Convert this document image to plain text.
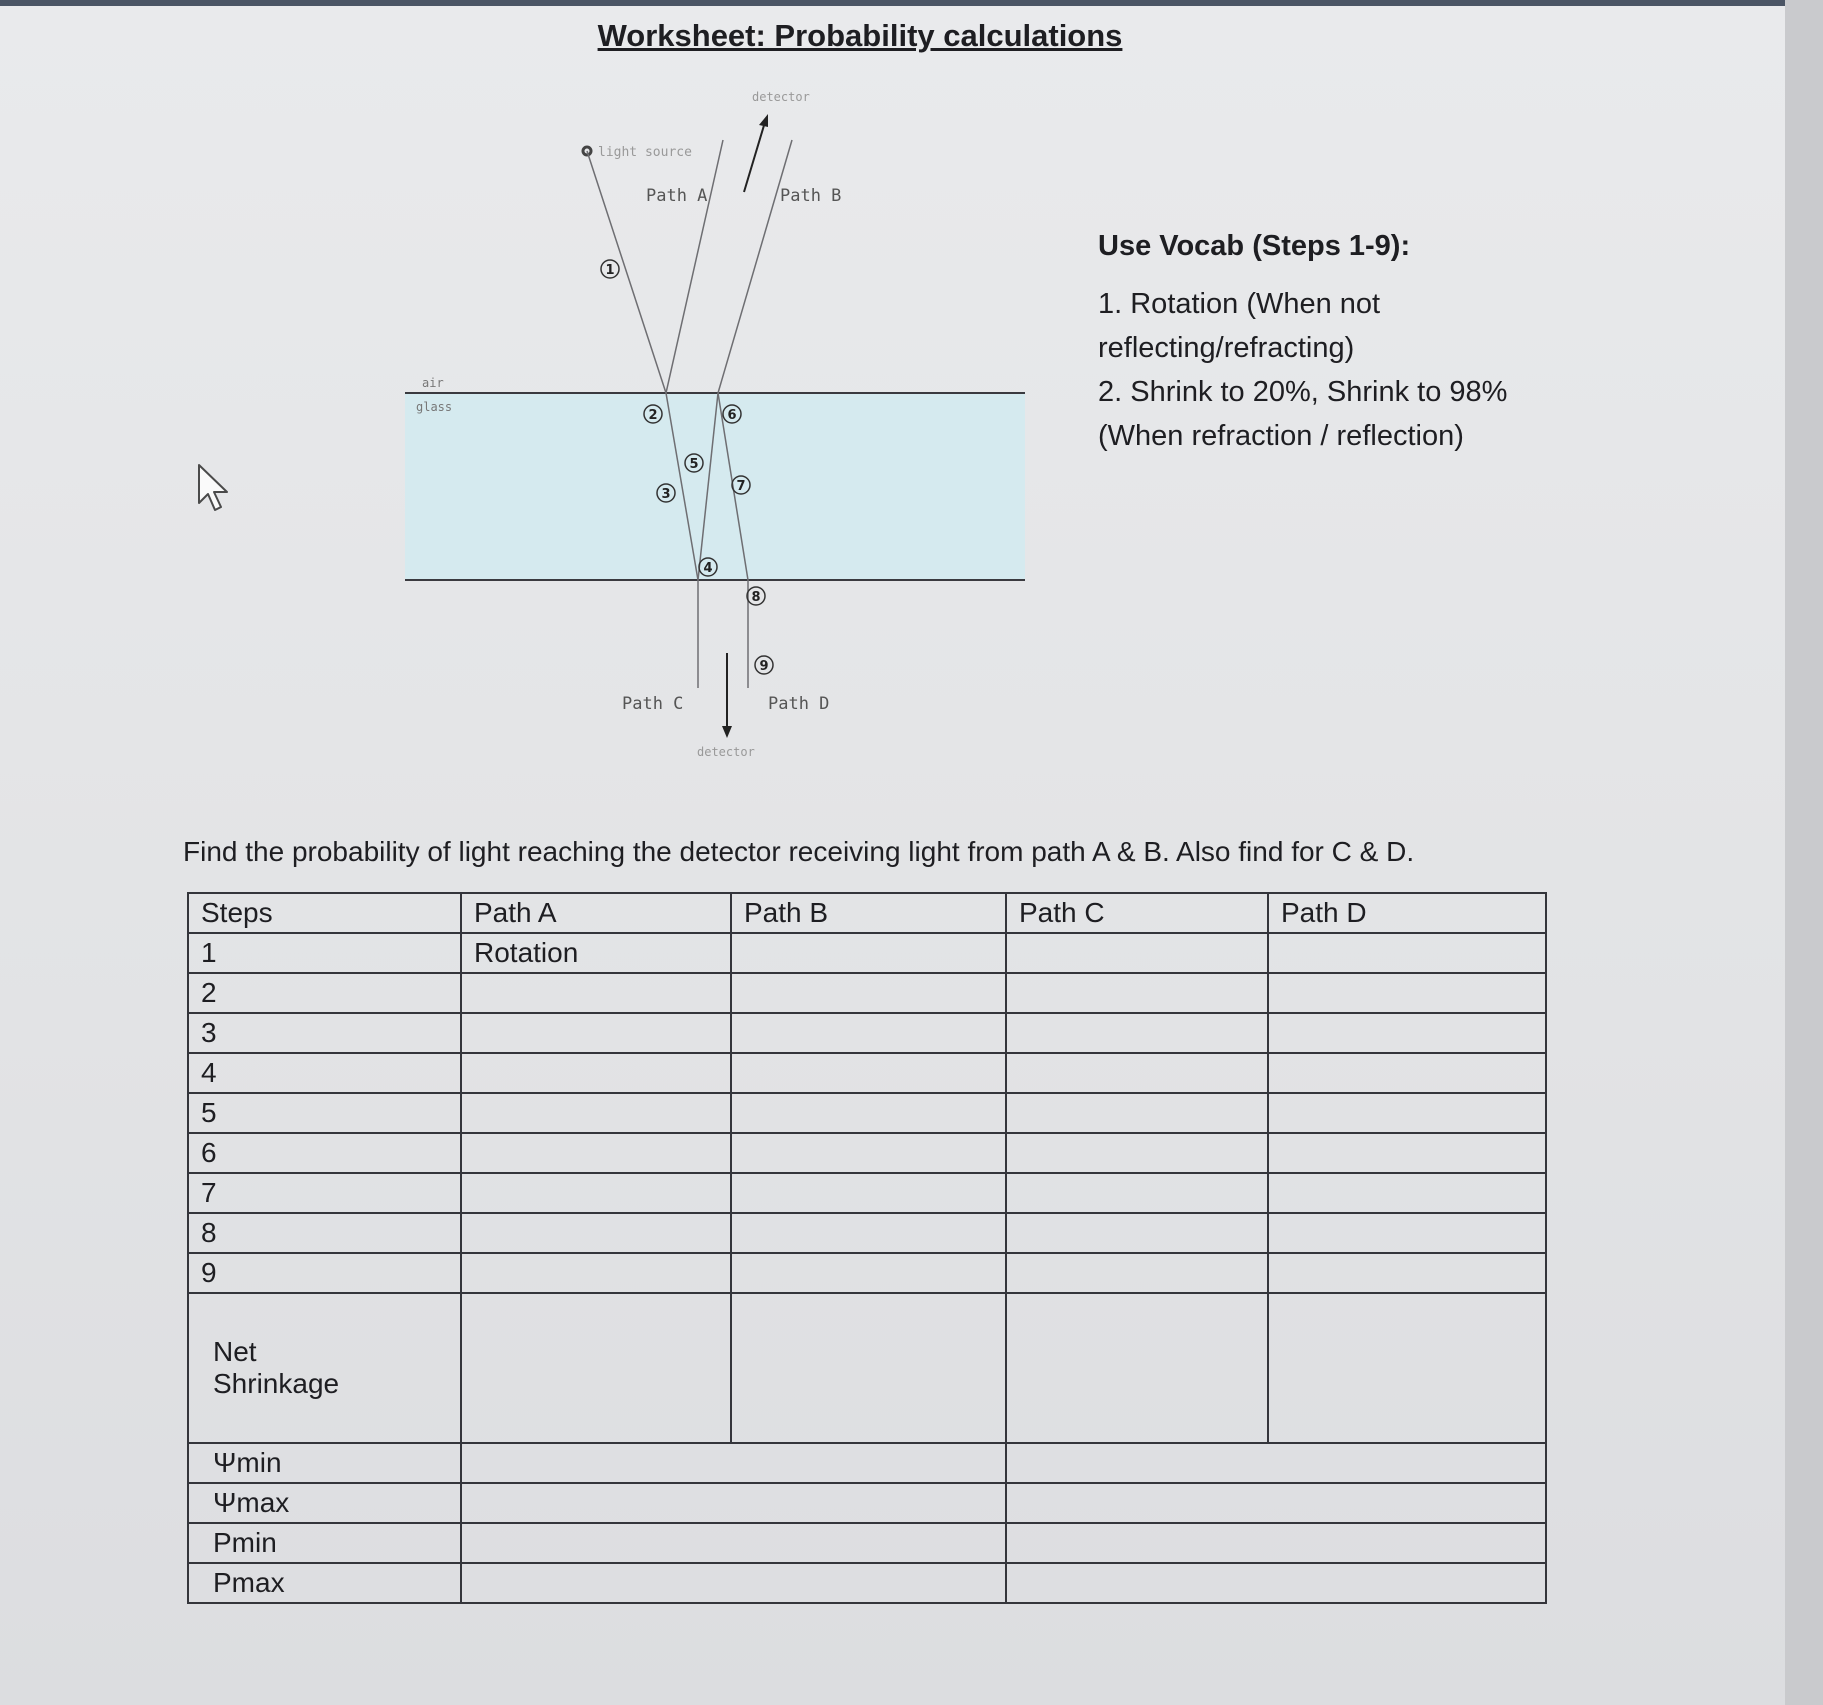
Worksheet: Probability calculations
air
glass
light source
detector
detector
Path A	Path B
Path C	Path D
1
2
3
4
5
6
7
8
9
Use Vocab (Steps 1-9):
1. Rotation (When not reflecting/refracting)
2. Shrink to 20%, Shrink to 98% (When refraction / reflection)
Find the probability of light reaching the detector receiving light from path A & B. Also find for C & D.
Steps	Path A	Path B	Path C	Path D
1	Rotation			
2				
3				
4				
5				
6				
7				
8				
9				

Net
Shrinkage				

Ψmin				
Ψmax				
Pmin				
Pmax				
